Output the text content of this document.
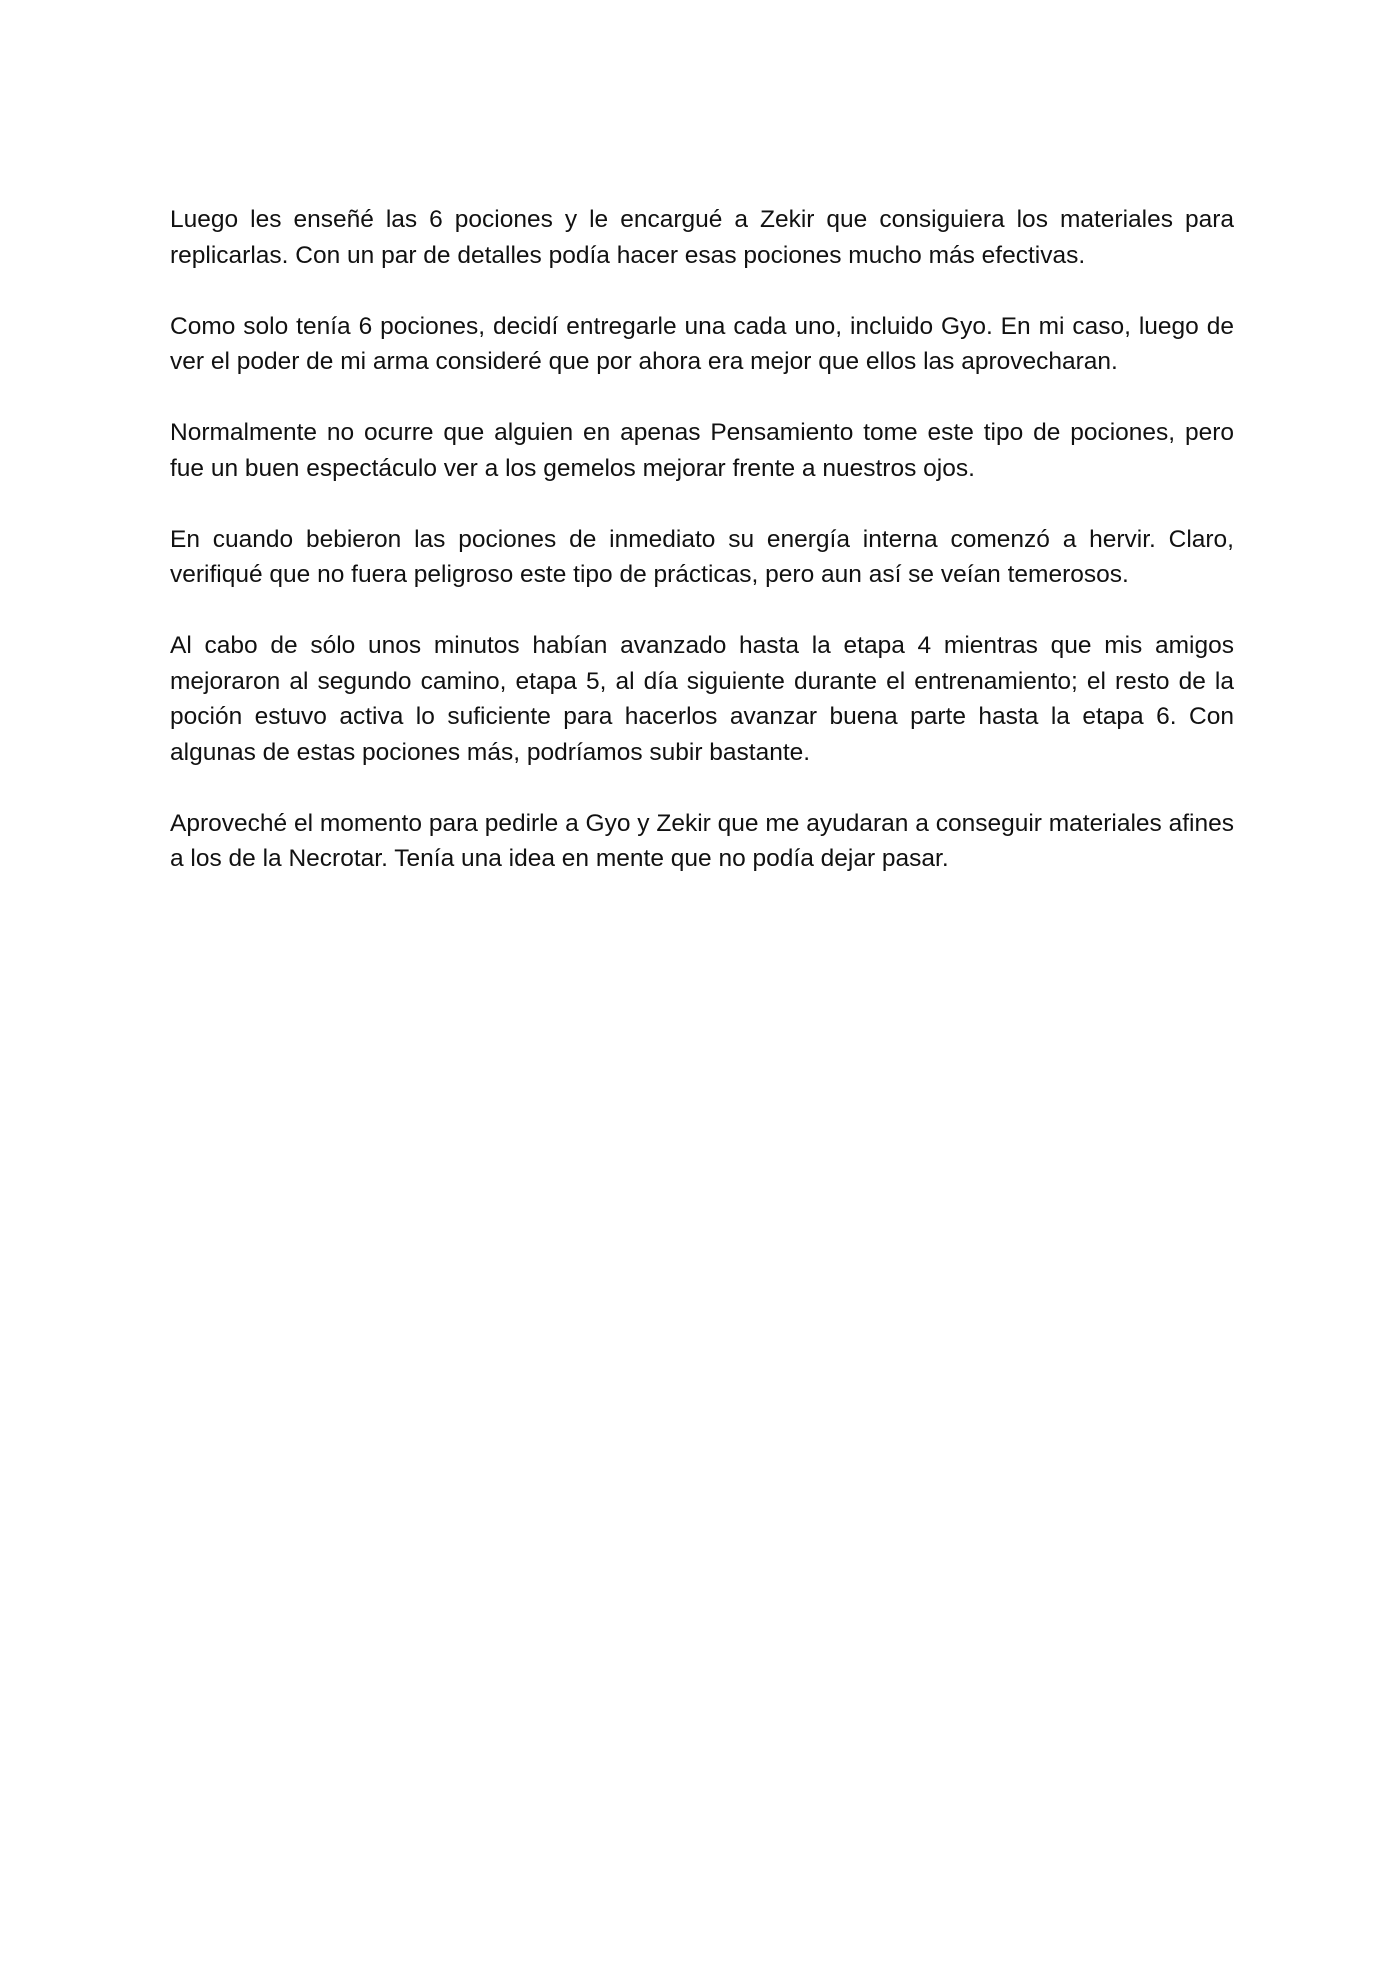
Luego les enseñé las 6 pociones y le encargué a Zekir que consiguiera los materiales para replicarlas. Con un par de detalles podía hacer esas pociones mucho más efectivas.

Como solo tenía 6 pociones, decidí entregarle una cada uno, incluido Gyo. En mi caso, luego de ver el poder de mi arma consideré que por ahora era mejor que ellos las aprovecharan.

Normalmente no ocurre que alguien en apenas Pensamiento tome este tipo de pociones, pero fue un buen espectáculo ver a los gemelos mejorar frente a nuestros ojos.

En cuando bebieron las pociones de inmediato su energía interna comenzó a hervir. Claro, verifiqué que no fuera peligroso este tipo de prácticas, pero aun así se veían temerosos.

Al cabo de sólo unos minutos habían avanzado hasta la etapa 4 mientras que mis amigos mejoraron al segundo camino, etapa 5, al día siguiente durante el entrenamiento; el resto de la poción estuvo activa lo suficiente para hacerlos avanzar buena parte hasta la etapa 6. Con algunas de estas pociones más, podríamos subir bastante.

Aproveché el momento para pedirle a Gyo y Zekir que me ayudaran a conseguir materiales afines a los de la Necrotar. Tenía una idea en mente que no podía dejar pasar.
